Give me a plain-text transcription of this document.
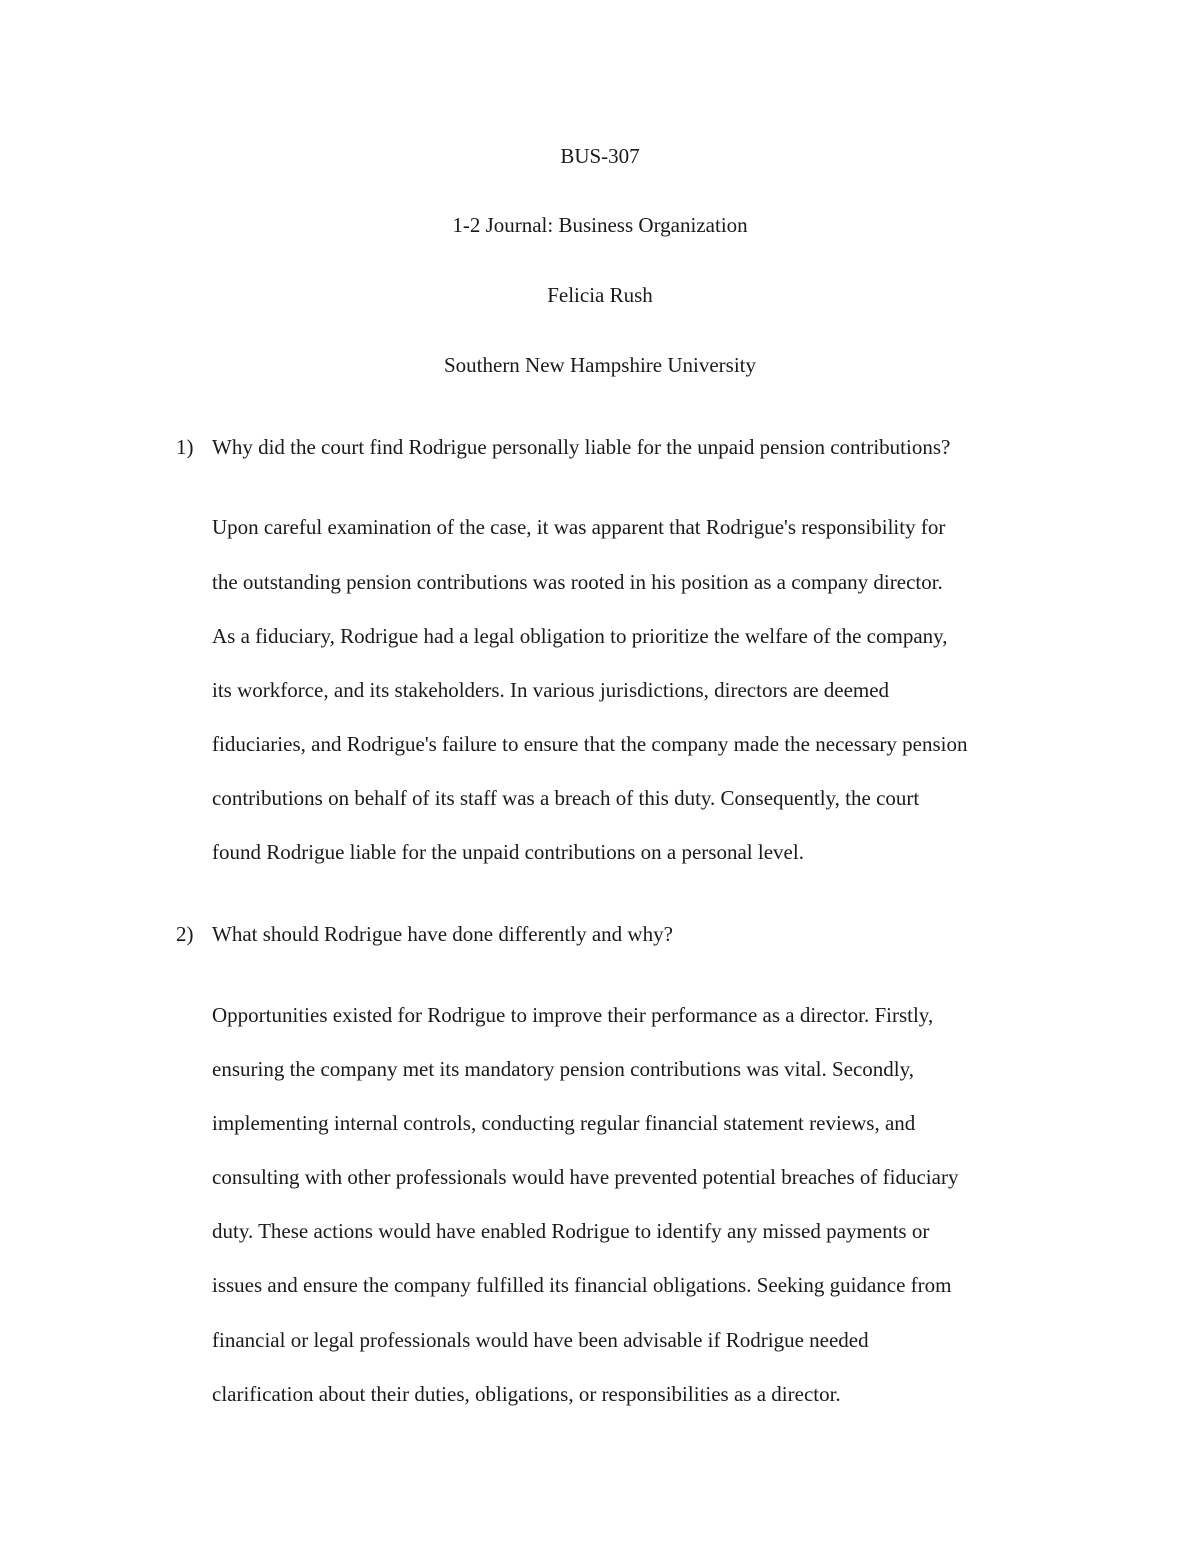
BUS-307
1-2 Journal: Business Organization
Felicia Rush
Southern New Hampshire University
1) Why did the court find Rodrigue personally liable for the unpaid pension contributions?
Upon careful examination of the case, it was apparent that Rodrigue's responsibility for
the outstanding pension contributions was rooted in his position as a company director.
As a fiduciary, Rodrigue had a legal obligation to prioritize the welfare of the company,
its workforce, and its stakeholders. In various jurisdictions, directors are deemed
fiduciaries, and Rodrigue's failure to ensure that the company made the necessary pension
contributions on behalf of its staff was a breach of this duty. Consequently, the court
found Rodrigue liable for the unpaid contributions on a personal level.
2) What should Rodrigue have done differently and why?
Opportunities existed for Rodrigue to improve their performance as a director. Firstly,
ensuring the company met its mandatory pension contributions was vital. Secondly,
implementing internal controls, conducting regular financial statement reviews, and
consulting with other professionals would have prevented potential breaches of fiduciary
duty. These actions would have enabled Rodrigue to identify any missed payments or
issues and ensure the company fulfilled its financial obligations. Seeking guidance from
financial or legal professionals would have been advisable if Rodrigue needed
clarification about their duties, obligations, or responsibilities as a director.
